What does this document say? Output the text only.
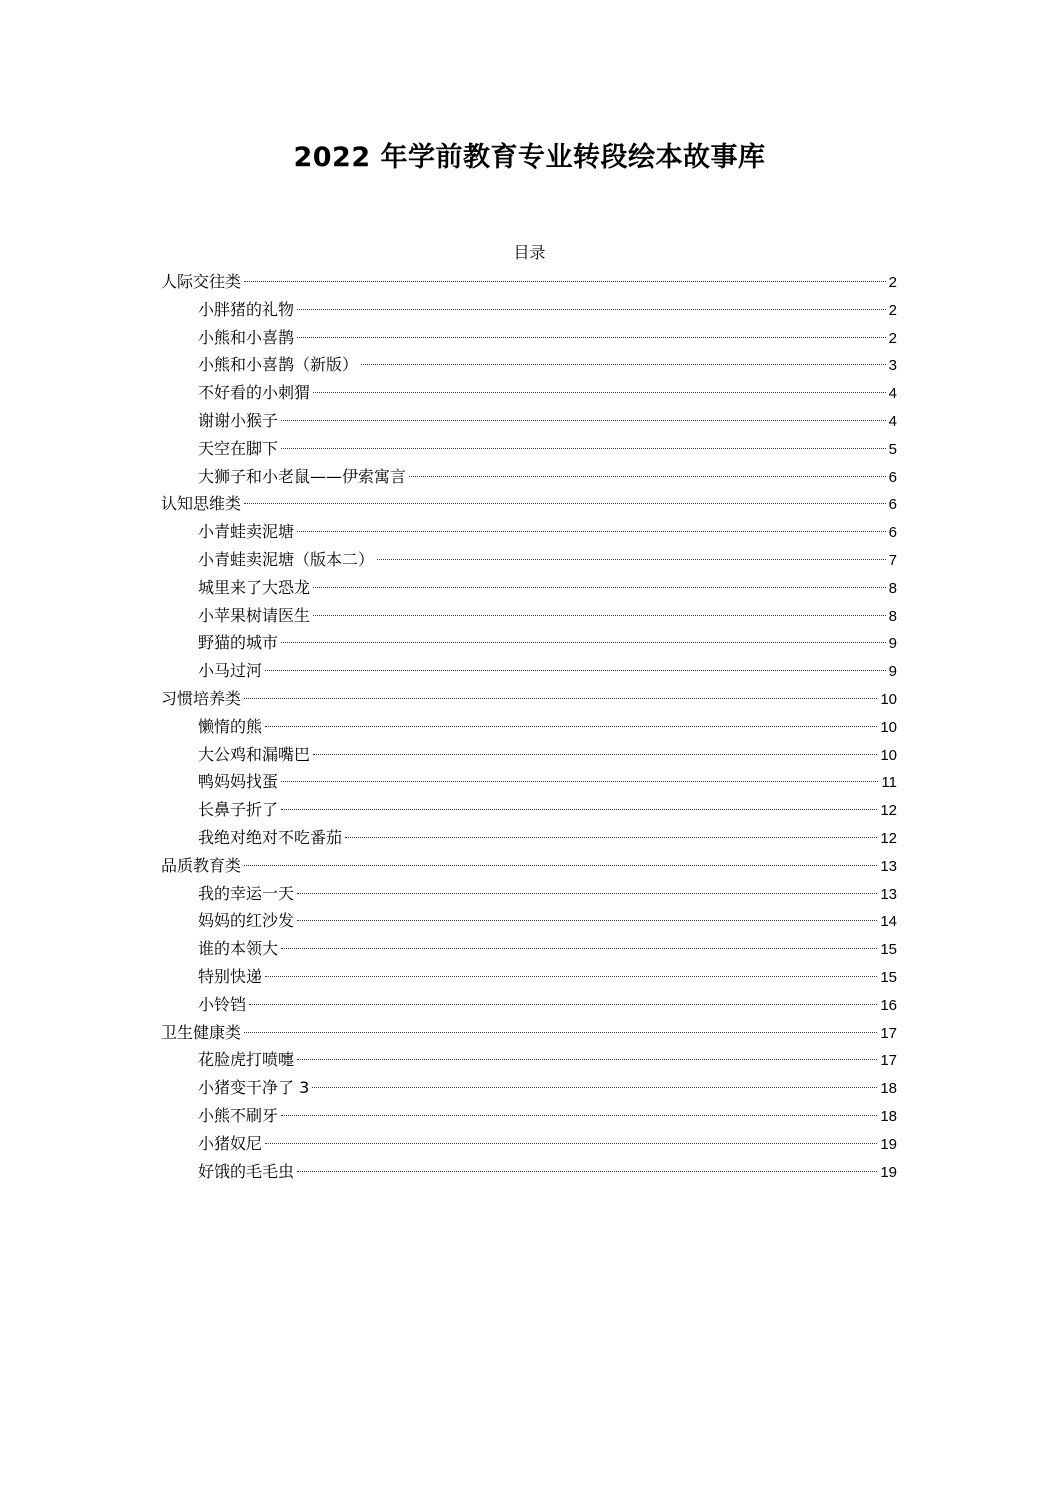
2022 年学前教育专业转段绘本故事库
目录
人际交往类	2
小胖猪的礼物	2
小熊和小喜鹊	2
小熊和小喜鹊（新版）	3
不好看的小刺猬	4
谢谢小猴子	4
天空在脚下	5
大狮子和小老鼠——伊索寓言	6
认知思维类	6
小青蛙卖泥塘	6
小青蛙卖泥塘（版本二）	7
城里来了大恐龙	8
小苹果树请医生	8
野猫的城市	9
小马过河	9
习惯培养类	10
懒惰的熊	10
大公鸡和漏嘴巴	10
鸭妈妈找蛋	11
长鼻子折了	12
我绝对绝对不吃番茄	12
品质教育类	13
我的幸运一天	13
妈妈的红沙发	14
谁的本领大	15
特别快递	15
小铃铛	16
卫生健康类	17
花脸虎打喷嚏	17
小猪变干净了 3	18
小熊不刷牙	18
小猪奴尼	19
好饿的毛毛虫	19
